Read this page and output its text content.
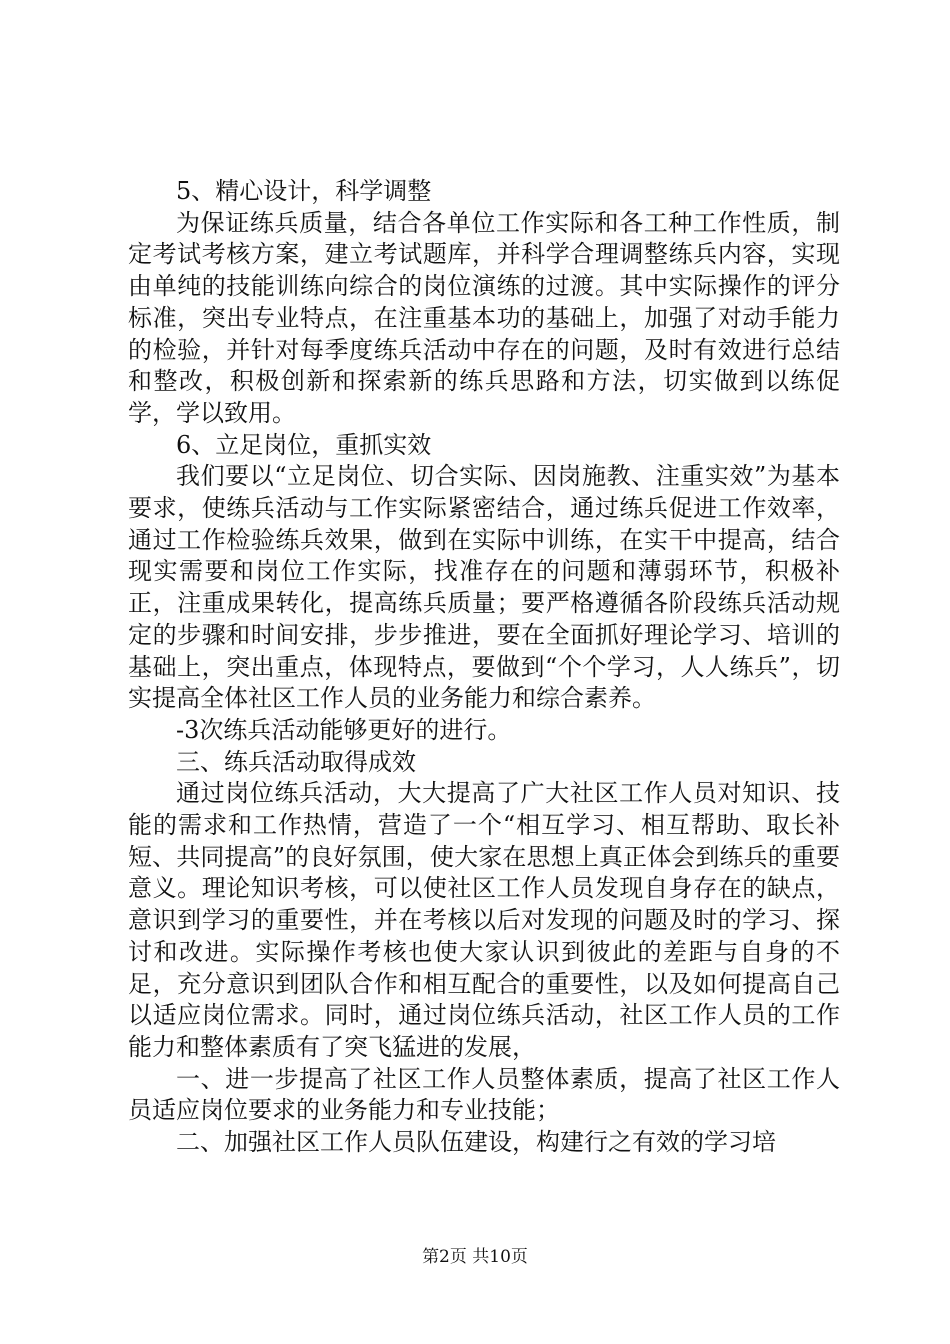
5、精心设计，科学调整

为保证练兵质量，结合各单位工作实际和各工种工作性质，制定考试考核方案，建立考试题库，并科学合理调整练兵内容，实现由单纯的技能训练向综合的岗位演练的过渡。其中实际操作的评分标准，突出专业特点，在注重基本功的基础上，加强了对动手能力的检验，并针对每季度练兵活动中存在的问题，及时有效进行总结和整改，积极创新和探索新的练兵思路和方法，切实做到以练促学，学以致用。

6、立足岗位，重抓实效

我们要以“立足岗位、切合实际、因岗施教、注重实效”为基本要求，使练兵活动与工作实际紧密结合，通过练兵促进工作效率，通过工作检验练兵效果，做到在实际中训练，在实干中提高，结合现实需要和岗位工作实际，找准存在的问题和薄弱环节，积极补正，注重成果转化，提高练兵质量；要严格遵循各阶段练兵活动规定的步骤和时间安排，步步推进，要在全面抓好理论学习、培训的基础上，突出重点，体现特点，要做到“个个学习，人人练兵”，切实提高全体社区工作人员的业务能力和综合素养。

-3次练兵活动能够更好的进行。

三、练兵活动取得成效

通过岗位练兵活动，大大提高了广大社区工作人员对知识、技能的需求和工作热情，营造了一个“相互学习、相互帮助、取长补短、共同提高”的良好氛围，使大家在思想上真正体会到练兵的重要意义。理论知识考核，可以使社区工作人员发现自身存在的缺点，意识到学习的重要性，并在考核以后对发现的问题及时的学习、探讨和改进。实际操作考核也使大家认识到彼此的差距与自身的不足，充分意识到团队合作和相互配合的重要性，以及如何提高自己以适应岗位需求。同时，通过岗位练兵活动，社区工作人员的工作能力和整体素质有了突飞猛进的发展，

一、进一步提高了社区工作人员整体素质，提高了社区工作人员适应岗位要求的业务能力和专业技能；

二、加强社区工作人员队伍建设，构建行之有效的学习培

第2页 共10页
